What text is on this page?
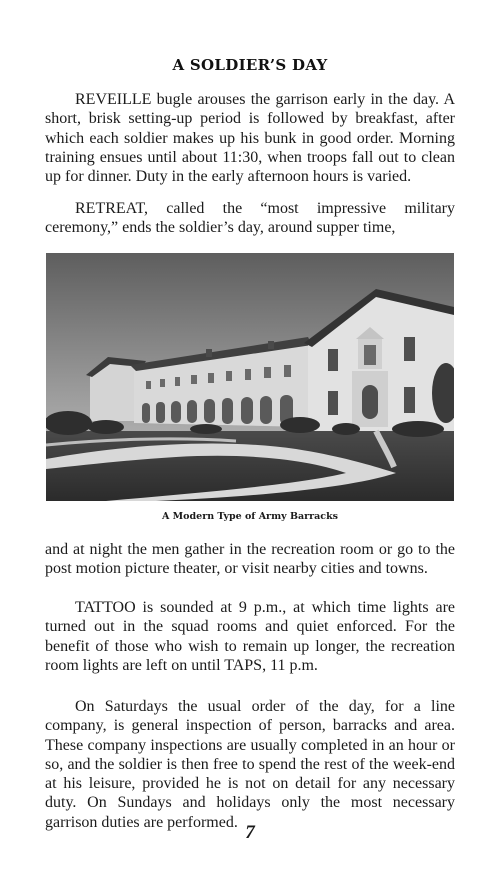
A SOLDIER’S DAY

REVEILLE bugle arouses the garrison early in the day. A short, brisk setting-up period is followed by breakfast, after which each soldier makes up his bunk in good order. Morning training ensues until about 11:30, when troops fall out to clean up for dinner. Duty in the early afternoon hours is varied.

RETREAT, called the “most impressive military ceremony,” ends the soldier’s day, around supper time,

A Modern Type of Army Barracks

and at night the men gather in the recreation room or go to the post motion picture theater, or visit nearby cities and towns.

TATTOO is sounded at 9 p.m., at which time lights are turned out in the squad rooms and quiet enforced. For the benefit of those who wish to remain up longer, the recreation room lights are left on until TAPS, 11 p.m.

On Saturdays the usual order of the day, for a line company, is general inspection of person, barracks and area. These company inspections are usually completed in an hour or so, and the soldier is then free to spend the rest of the week-end at his leisure, provided he is not on detail for any necessary duty. On Sundays and holidays only the most necessary garrison duties are performed. 7
